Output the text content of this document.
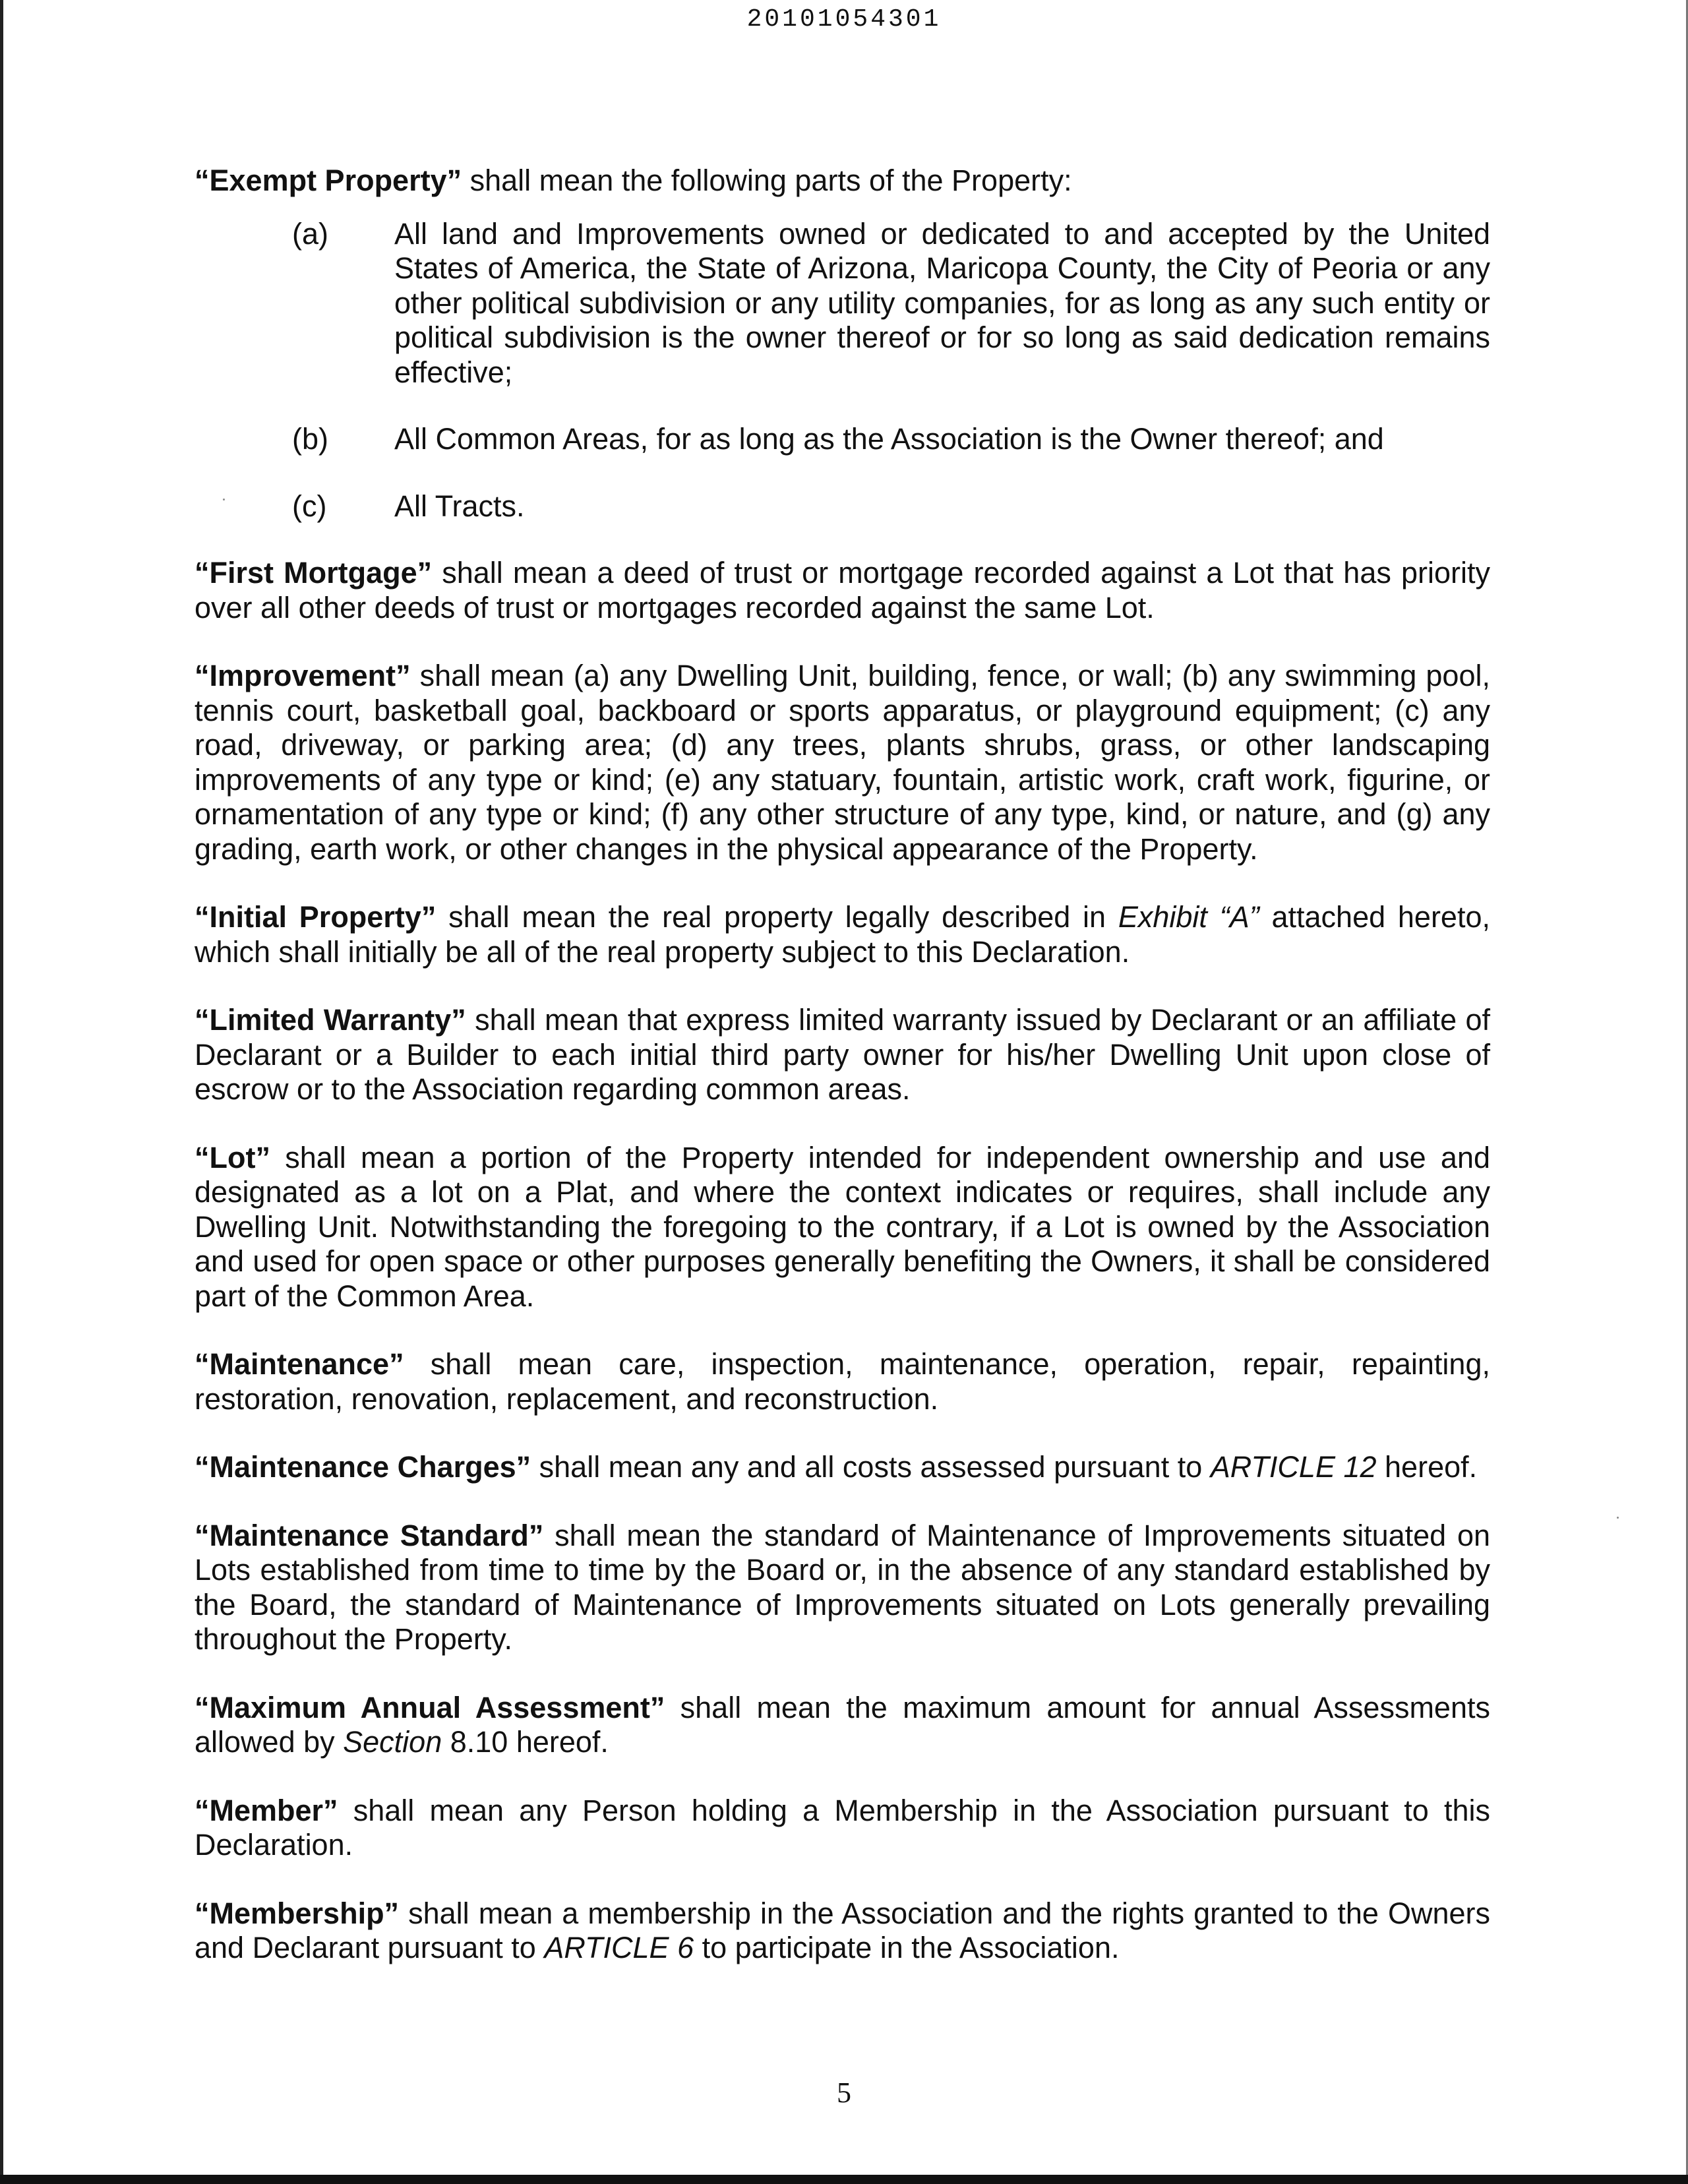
20101054301
“Exempt Property” shall mean the following parts of the Property:
(a)	All land and Improvements owned or dedicated to and accepted by the United States of America, the State of Arizona, Maricopa County, the City of Peoria or any other political subdivision or any utility companies, for as long as any such entity or political subdivision is the owner thereof or for so long as said dedication remains effective;
(b)	All Common Areas, for as long as the Association is the Owner thereof; and
(c)	All Tracts.
“First Mortgage” shall mean a deed of trust or mortgage recorded against a Lot that has priority over all other deeds of trust or mortgages recorded against the same Lot.
“Improvement” shall mean (a) any Dwelling Unit, building, fence, or wall; (b) any swimming pool, tennis court, basketball goal, backboard or sports apparatus, or playground equipment; (c) any road, driveway, or parking area; (d) any trees, plants shrubs, grass, or other landscaping improvements of any type or kind; (e) any statuary, fountain, artistic work, craft work, figurine, or ornamentation of any type or kind; (f) any other structure of any type, kind, or nature, and (g) any grading, earth work, or other changes in the physical appearance of the Property.
“Initial Property” shall mean the real property legally described in Exhibit “A” attached hereto, which shall initially be all of the real property subject to this Declaration.
“Limited Warranty” shall mean that express limited warranty issued by Declarant or an affiliate of Declarant or a Builder to each initial third party owner for his/her Dwelling Unit upon close of escrow or to the Association regarding common areas.
“Lot” shall mean a portion of the Property intended for independent ownership and use and designated as a lot on a Plat, and where the context indicates or requires, shall include any Dwelling Unit. Notwithstanding the foregoing to the contrary, if a Lot is owned by the Association and used for open space or other purposes generally benefiting the Owners, it shall be considered part of the Common Area.
“Maintenance” shall mean care, inspection, maintenance, operation, repair, repainting, restoration, renovation, replacement, and reconstruction.
“Maintenance Charges” shall mean any and all costs assessed pursuant to ARTICLE 12 hereof.
“Maintenance Standard” shall mean the standard of Maintenance of Improvements situated on Lots established from time to time by the Board or, in the absence of any standard established by the Board, the standard of Maintenance of Improvements situated on Lots generally prevailing throughout the Property.
“Maximum Annual Assessment” shall mean the maximum amount for annual Assessments allowed by Section 8.10 hereof.
“Member” shall mean any Person holding a Membership in the Association pursuant to this Declaration.
“Membership” shall mean a membership in the Association and the rights granted to the Owners and Declarant pursuant to ARTICLE 6 to participate in the Association.
5
